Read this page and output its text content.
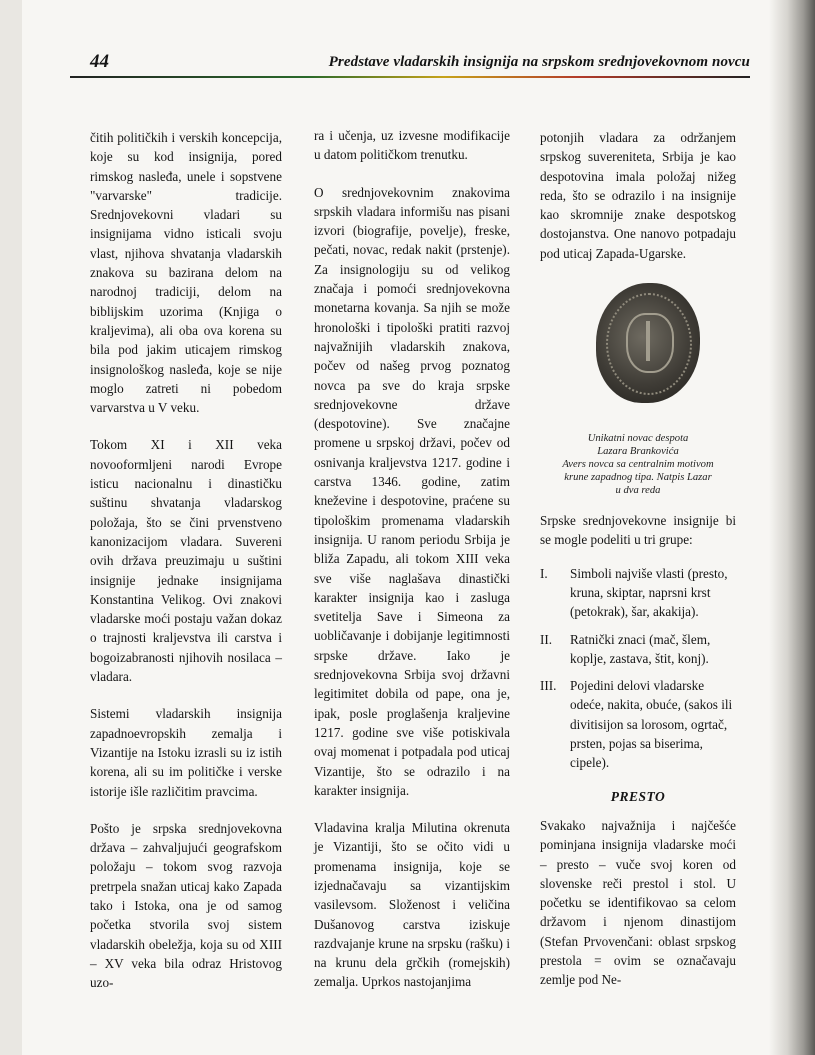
44	Predstave vladarskih insignija na srpskom srednjovekovnom novcu

čitih političkih i verskih koncepcija, koje su kod insignija, pored rimskog nasleđa, unele i sopstvene "varvarske" tradicije. Srednjovekovni vladari su insignijama vidno isticali svoju vlast, njihova shvatanja vladarskih znakova su bazirana delom na narodnoj tradiciji, delom na biblijskim uzorima (Knjiga o kraljevima), ali oba ova korena su bila pod jakim uticajem rimskog insignološkog nasleđa, koje se nije moglo zatreti ni pobedom varvarstva u V veku.

Tokom XI i XII veka novooformljeni narodi Evrope isticu nacionalnu i dinastičku suštinu shvatanja vladarskog položaja, što se čini prvenstveno kanonizacijom vladara. Suvereni ovih država preuzimaju u suštini insignije jednake insignijama Konstantina Velikog. Ovi znakovi vladarske moći postaju važan dokaz o trajnosti kraljevstva ili carstva i bogoizabranosti njihovih nosilaca – vladara.

Sistemi vladarskih insignija zapadnoevropskih zemalja i Vizantije na Istoku izrasli su iz istih korena, ali su im političke i verske istorije išle različitim pravcima.

Pošto je srpska srednjovekovna država – zahvaljujući geografskom položaju – tokom svog razvoja pretrpela snažan uticaj kako Zapada tako i Istoka, ona je od samog početka stvorila svoj sistem vladarskih obeležja, koja su od XIII – XV veka bila odraz Hristovog uzo-

ra i učenja, uz izvesne modifikacije u datom političkom trenutku.

O srednjovekovnim znakovima srpskih vladara informišu nas pisani izvori (biografije, povelje), freske, pečati, novac, redak nakit (prstenje). Za insignologiju su od velikog značaja i pomoći srednjovekovna monetarna kovanja. Sa njih se može hronološki i tipološki pratiti razvoj najvažnijih vladarskih znakova, počev od našeg prvog poznatog novca pa sve do kraja srpske srednjovekovne države (despotovine). Sve značajne promene u srpskoj državi, počev od osnivanja kraljevstva 1217. godine i carstva 1346. godine, zatim kneževine i despotovine, praćene su tipološkim promenama vladarskih insignija. U ranom periodu Srbija je bliža Zapadu, ali tokom XIII veka sve više naglašava dinastički karakter insignija kao i zasluga svetitelja Save i Simeona za uobličavanje i dobijanje legitimnosti srpske države. Iako je srednjovekovna Srbija svoj državni legitimitet dobila od pape, ona je, ipak, posle proglašenja kraljevine 1217. godine sve više potiskivala ovaj momenat i potpadala pod uticaj Vizantije, što se odrazilo i na karakter insignija.

Vladavina kralja Milutina okrenuta je Vizantiji, što se očito vidi u promenama insignija, koje se izjednačavaju sa vizantijskim vasilevsom. Složenost i veličina Dušanovog carstva iziskuje razdvajanje krune na srpsku (rašku) i na krunu dela grčkih (romejskih) zemalja. Uprkos nastojanjima

potonjih vladara za održanjem srpskog suvereniteta, Srbija je kao despotovina imala položaj nižeg reda, što se odrazilo i na insignije kao skromnije znake despotskog dostojanstva. One nanovo potpadaju pod uticaj Zapada-Ugarske.

Unikatni novac despota
Lazara Brankovića
Avers novca sa centralnim motivom
krune zapadnog tipa. Natpis Lazar
u dva reda

Srpske srednjovekovne insignije bi se mogle podeliti u tri grupe:

I.	Simboli najviše vlasti (presto, kruna, skiptar, naprsni krst (petokrak), šar, akakija).
II.	Ratnički znaci (mač, šlem, koplje, zastava, štit, konj).
III.	Pojedini delovi vladarske odeće, nakita, obuće, (sakos ili divitisijon sa lorosom, ogrtač, prsten, pojas sa biserima, cipele).
PRESTO

Svakako najvažnija i najčešće pominjana insignija vladarske moći – presto – vuče svoj koren od slovenske reči prestol i stol. U početku se identifikovao sa celom državom i njenom dinastijom (Stefan Prvovenčani: oblast srpskog prestola = ovim se označavaju zemlje pod Ne-
